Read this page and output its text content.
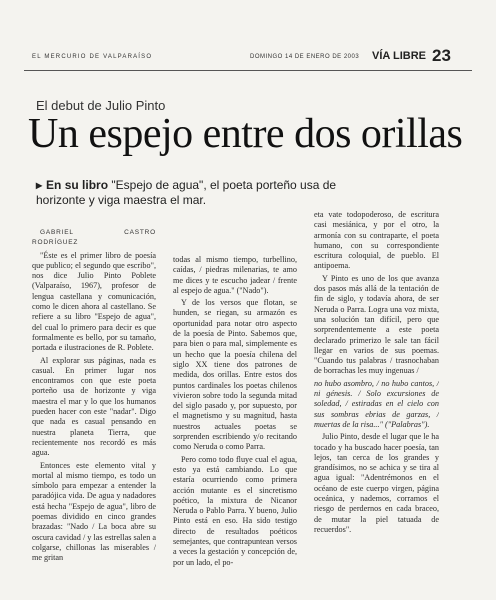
EL MERCURIO DE VALPARAÍSO	DOMINGO 14 DE ENERO DE 2003 VÍA LIBRE 23
El debut de Julio Pinto
Un espejo entre dos orillas
▸ En su libro "Espejo de agua", el poeta porteño usa de horizonte y viga maestra el mar.

GABRIEL CASTRO RODRÍGUEZ

"Éste es el primer libro de poesía que publico; el segundo que escribo", nos dice Julio Pinto Poblete (Valparaíso, 1967), profesor de lengua castellana y comunicación, como le dicen ahora al castellano. Se refiere a su libro "Espejo de agua", del cual lo primero para decir es que formalmente es bello, por su tamaño, portada e ilustraciones de R. Poblete.

Al explorar sus páginas, nada es casual. En primer lugar nos encontramos con que este poeta porteño usa de horizonte y viga maestra el mar y lo que los humanos pueden hacer con este "nadar". Digo que nada es casual pensando en nuestra planeta Tierra, que recientemente nos recordó es más agua.

Entonces este elemento vital y mortal al mismo tiempo, es todo un símbolo para empezar a entender la paradójica vida. De agua y nadadores está hecha "Espejo de agua", libro de poemas dividido en cinco grandes brazadas: "Nado / La boca abre su oscura cavidad / y las estrellas salen a colgarse, chillonas las miserables / me gritan

todas al mismo tiempo, turbellino, caídas, / piedras milenarias, te amo me dices y te escucho jadear / frente al espejo de agua." ("Nado").

Y de los versos que flotan, se hunden, se riegan, su armazón es oportunidad para notar otro aspecto de la poesía de Pinto. Sabemos que, para bien o para mal, simplemente es un hecho que la poesía chilena del siglo XX tiene dos patrones de medida, dos orillas. Entre estos dos puntos cardinales los poetas chilenos vivieron sobre todo la segunda mitad del siglo pasado y, por supuesto, por el magnetismo y su magnitud, hasta nuestros actuales poetas se sorprenden escribiendo y/o recitando como Neruda o como Parra.

Pero como todo fluye cual el agua, esto ya está cambiando. Lo que estaría ocurriendo como primera acción mutante es el sincretismo poético, la mixtura de Nicanor Neruda o Pablo Parra. Y bueno, Julio Pinto está en eso. Ha sido testigo directo de resultados poéticos semejantes, que contrapuntean versos a veces la gestación y concepción de, por un lado, el po-

eta vate todopoderoso, de escritura casi mesiánica, y por el otro, la armonía con su contraparte, el poeta humano, con su correspondiente escritura coloquial, de pueblo. El antipoema.

Y Pinto es uno de los que avanza dos pasos más allá de la tentación de fin de siglo, y todavía ahora, de ser Neruda o Parra. Logra una voz mixta, una solución tan difícil, pero que sorprendentemente a este poeta declarado primerizo le sale tan fácil llegar en varios de sus poemas. "Cuando tus palabras / trasnochaban de borrachas les muy ingenuas /

no hubo asombro, / no hubo cantos, / ni génesis. / Solo excursiones de soledad, / estiradas en el cielo con sus sombras ebrias de garzas, / muertas de la risa..." ("Palabras").

Julio Pinto, desde el lugar que le ha tocado y ha buscado hacer poesía, tan lejos, tan cerca de los grandes y grandísimos, no se achica y se tira al agua igual: "Adentrémonos en el océano de este cuerpo virgen, página oceánica, y nademos, corramos el riesgo de perdernos en cada braceo, de mutar la piel tatuada de recuerdos".
